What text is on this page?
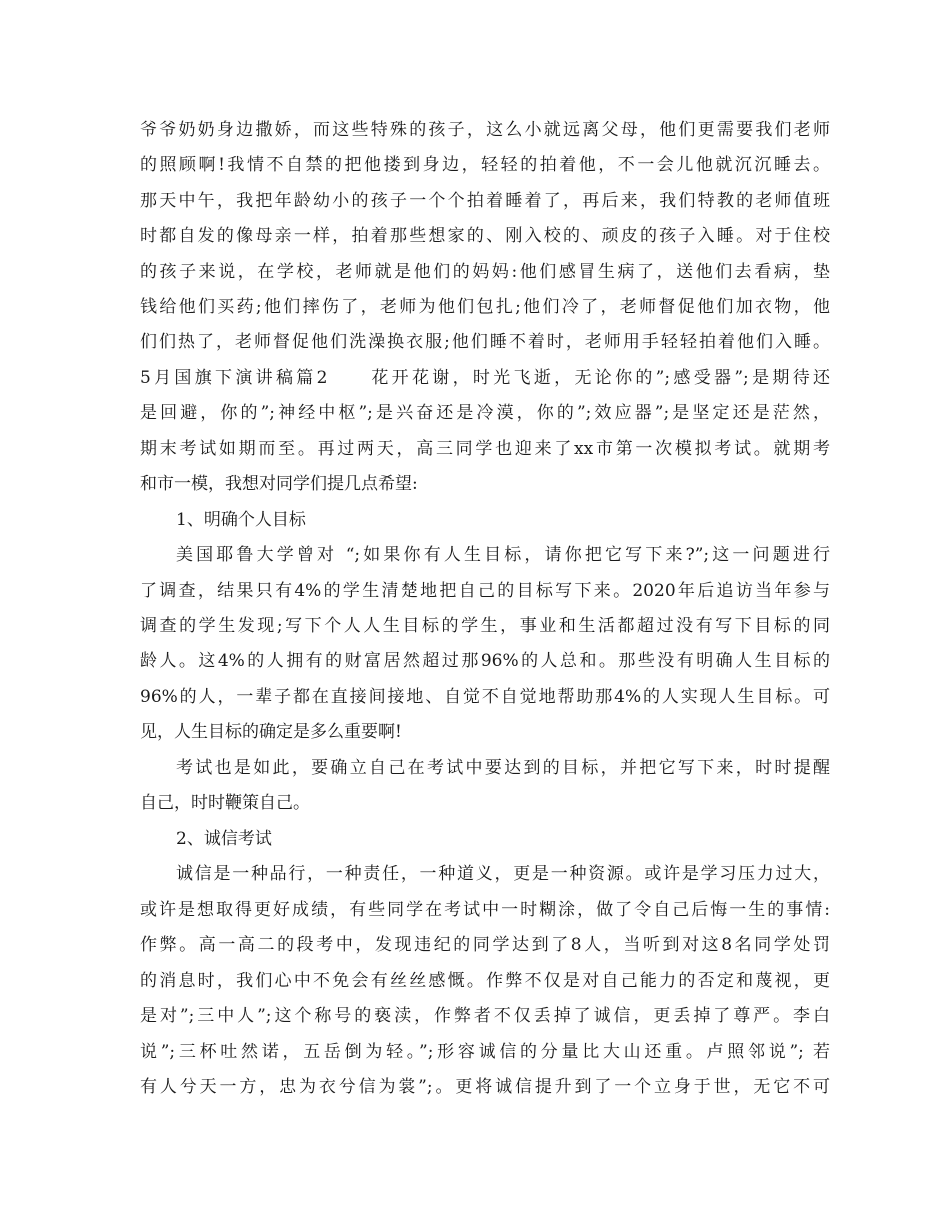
爷爷奶奶身边撒娇，而这些特殊的孩子，这么小就远离父母，他们更需要我们老师

的照顾啊!我情不自禁的把他搂到身边，轻轻的拍着他，不一会儿他就沉沉睡去。

那天中午，我把年龄幼小的孩子一个个拍着睡着了，再后来，我们特教的老师值班

时都自发的像母亲一样，拍着那些想家的、刚入校的、顽皮的孩子入睡。对于住校

的孩子来说，在学校，老师就是他们的妈妈:他们感冒生病了，送他们去看病，垫

钱给他们买药;他们摔伤了，老师为他们包扎;他们冷了，老师督促他们加衣物，他

们们热了，老师督促他们洗澡换衣服;他们睡不着时，老师用手轻轻拍着他们入睡。

5月国旗下演讲稿篇2　　花开花谢，时光飞逝，无论你的”;感受器”;是期待还

是回避，你的”;神经中枢”;是兴奋还是冷漠，你的”;效应器”;是坚定还是茫然，

期末考试如期而至。再过两天，高三同学也迎来了xx市第一次模拟考试。就期考

和市一模，我想对同学们提几点希望:

1、明确个人目标

美国耶鲁大学曾对 “;如果你有人生目标，请你把它写下来?”;这一问题进行

了调查，结果只有4%的学生清楚地把自己的目标写下来。2020年后追访当年参与

调查的学生发现;写下个人人生目标的学生，事业和生活都超过没有写下目标的同

龄人。这4%的人拥有的财富居然超过那96%的人总和。那些没有明确人生目标的

96%的人，一辈子都在直接间接地、自觉不自觉地帮助那4%的人实现人生目标。可

见，人生目标的确定是多么重要啊!

考试也是如此，要确立自己在考试中要达到的目标，并把它写下来，时时提醒

自己，时时鞭策自己。

2、诚信考试

诚信是一种品行，一种责任，一种道义，更是一种资源。或许是学习压力过大，

或许是想取得更好成绩，有些同学在考试中一时糊涂，做了令自己后悔一生的事情:

作弊。高一高二的段考中，发现违纪的同学达到了8人，当听到对这8名同学处罚

的消息时，我们心中不免会有丝丝感慨。作弊不仅是对自己能力的否定和蔑视，更

是对”;三中人”;这个称号的亵渎，作弊者不仅丢掉了诚信，更丢掉了尊严。李白

说”;三杯吐然诺，五岳倒为轻。”;形容诚信的分量比大山还重。卢照邻说”; 若

有人兮天一方，忠为衣兮信为裳”;。更将诚信提升到了一个立身于世，无它不可
